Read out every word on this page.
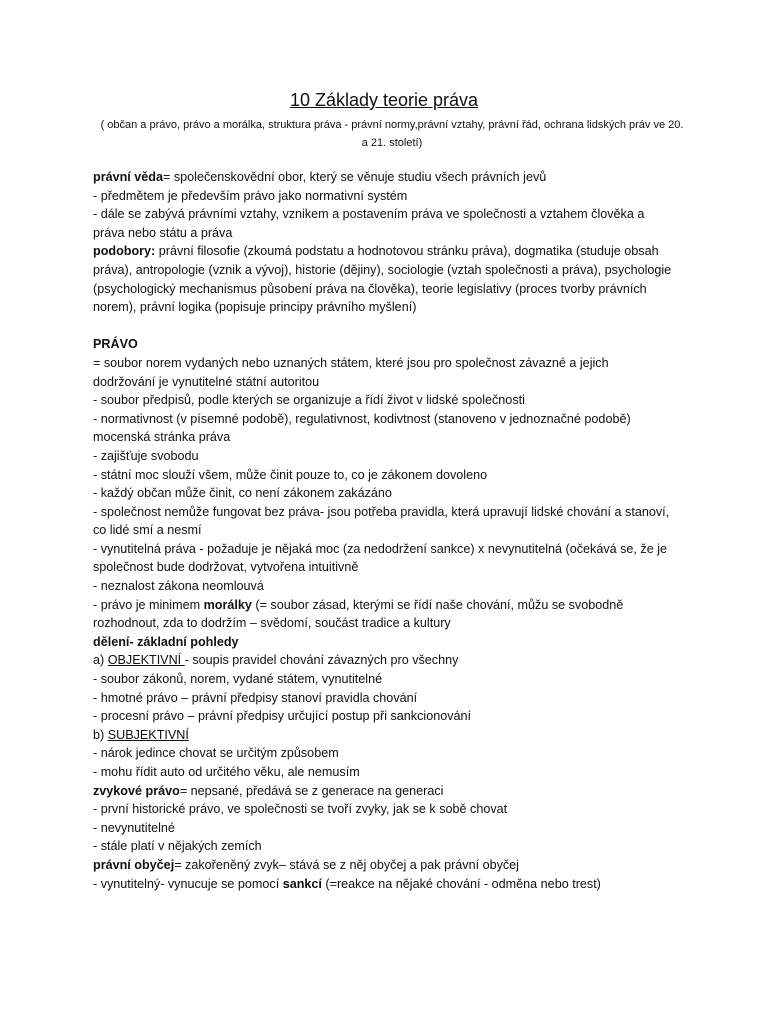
10 Základy teorie práva
( občan a právo, právo a morálka, struktura práva - právní normy,právní vztahy, právní řád, ochrana lidských práv ve 20. a 21. století)

právní věda= společenskovědní obor, který se věnuje studiu všech právních jevů

- předmětem je především právo jako normativní systém

- dále se zabývá právními vztahy, vznikem a postavením práva ve společnosti a vztahem člověka a práva nebo státu a práva

podobory: právní filosofie (zkoumá podstatu a hodnotovou stránku práva), dogmatika (studuje obsah práva), antropologie (vznik a vývoj), historie (dějiny), sociologie (vztah společnosti a práva), psychologie (psychologický mechanismus působení práva na člověka), teorie legislativy (proces tvorby právních norem), právní logika (popisuje principy právního myšlení)

PRÁVO

= soubor norem vydaných nebo uznaných státem, které jsou pro společnost závazné a jejich dodržování je vynutitelné státní autoritou

- soubor předpisů, podle kterých se organizuje a řídí život v lidské společnosti

- normativnost (v písemné podobě), regulativnost, kodivtnost (stanoveno v jednoznačné podobě) mocenská stránka práva

- zajišťuje svobodu

- státní moc slouží všem, může činit pouze to, co je zákonem dovoleno

- každý občan může činit, co není zákonem zakázáno

- společnost nemůže fungovat bez práva- jsou potřeba pravidla, která upravují lidské chování a stanoví, co lidé smí a nesmí

- vynutitelná práva - požaduje je nějaká moc (za nedodržení sankce) x nevynutitelná (očekává se, že je společnost bude dodržovat, vytvořena intuitivně

- neznalost zákona neomlouvá

- právo je minimem morálky (= soubor zásad, kterými se řídí naše chování, můžu se svobodně rozhodnout, zda to dodržím – svědomí, součást tradice a kultury

dělení- základní pohledy

a) OBJEKTIVNÍ - soupis pravidel chování závazných pro všechny

- soubor zákonů, norem, vydané státem, vynutitelné

- hmotné právo – právní předpisy stanoví pravidla chování

- procesní právo – právní předpisy určující postup při sankcionování

b) SUBJEKTIVNÍ

- nárok jedince chovat se určitým způsobem

- mohu řídit auto od určitého věku, ale nemusím

zvykové právo= nepsané, předává se z generace na generaci

- první historické právo, ve společnosti se tvoří zvyky, jak se k sobě chovat

- nevynutitelné

- stále platí v nějakých zemích

právní obyčej= zakořeněný zvyk– stává se z něj obyčej a pak právní obyčej

- vynutitelný- vynucuje se pomocí sankcí (=reakce na nějaké chování - odměna nebo trest)
